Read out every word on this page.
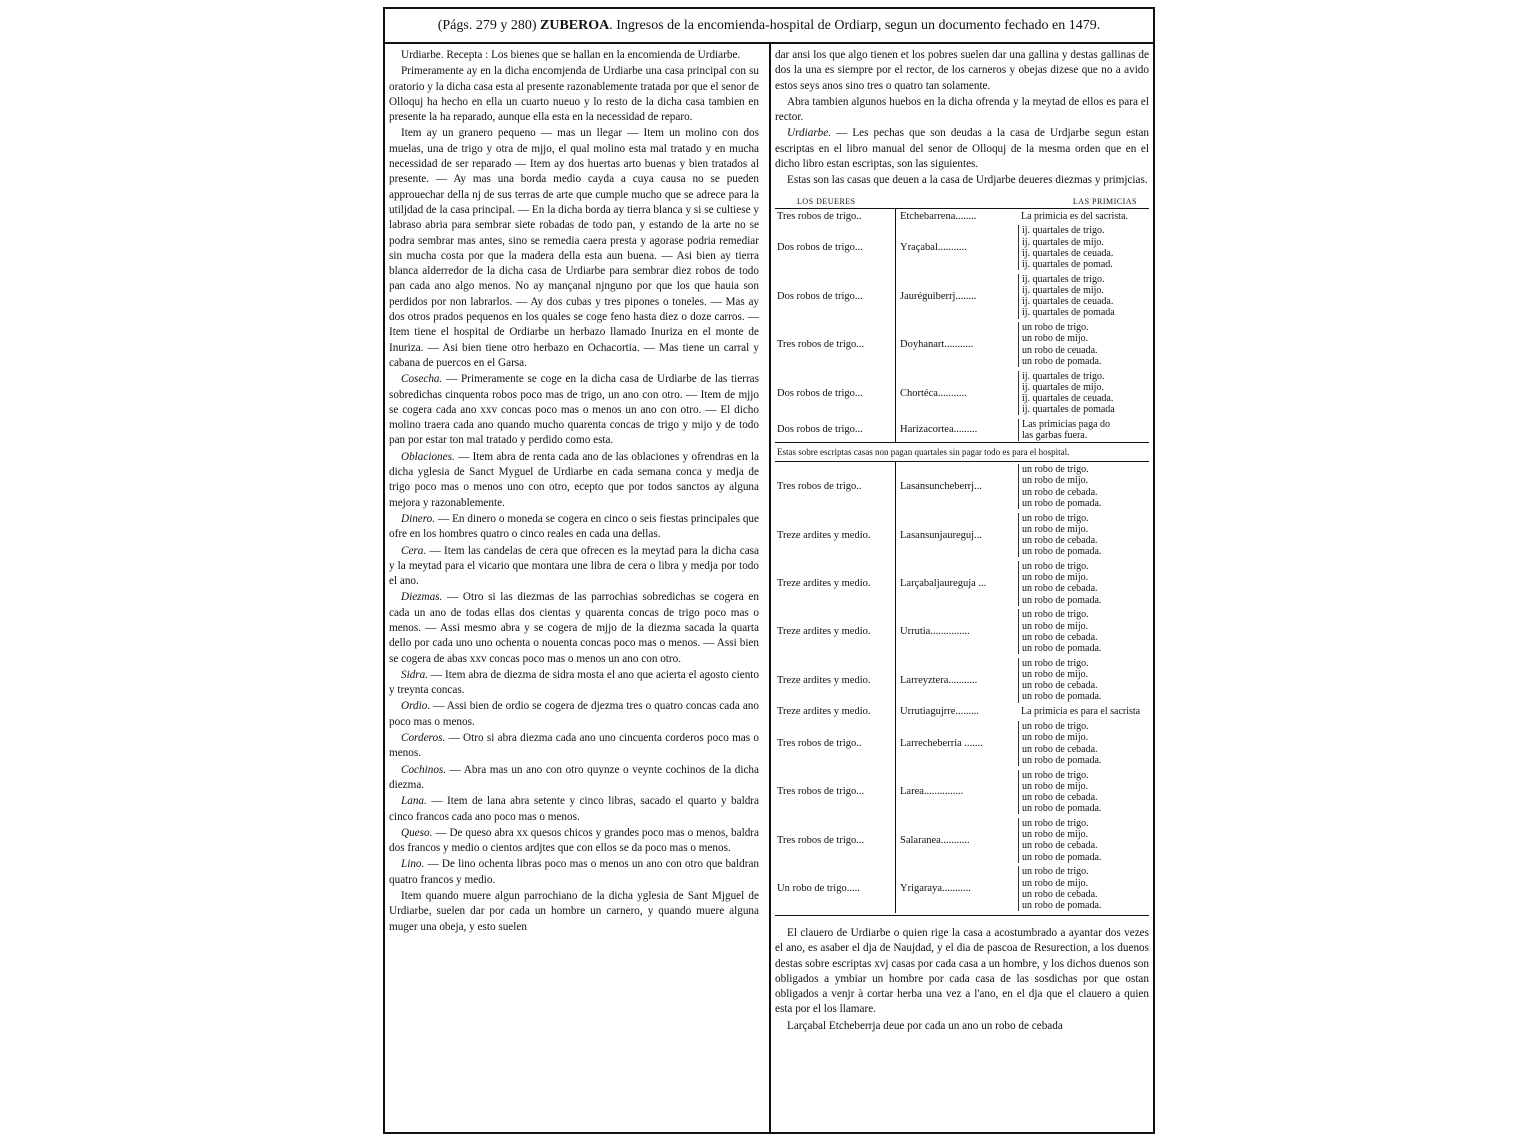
(Págs. 279 y 280) ZUBEROA. Ingresos de la encomienda-hospital de Ordiarp, segun un documento fechado en 1479.

Urdiarbe. Recepta : Los bienes que se hallan en la encomienda de Urdiarbe.

Primeramente ay en la dicha encomjenda de Urdiarbe una casa principal con su oratorio y la dicha casa esta al presente razonablemente tratada por que el senor de Olloquj ha hecho en ella un cuarto nueuo y lo resto de la dicha casa tambien en presente la ha reparado, aunque ella esta en la necessidad de reparo.

Item ay un granero pequeno — mas un llegar — Item un molino con dos muelas, una de trigo y otra de mjjo, el qual molino esta mal tratado y en mucha necessidad de ser reparado — Item ay dos huertas arto buenas y bien tratados al presente. — Ay mas una borda medio cayda a cuya causa no se pueden approuechar della nj de sus terras de arte que cumple mucho que se adrece para la utiljdad de la casa principal. — En la dicha borda ay tierra blanca y si se cultiese y labraso abria para sembrar siete robadas de todo pan, y estando de la arte no se podra sembrar mas antes, sino se remedia caera presta y agorase podria remediar sin mucha costa por que la madera della esta aun buena. — Asi bien ay tierra blanca alderredor de la dicha casa de Urdiarbe para sembrar diez robos de todo pan cada ano algo menos. No ay mançanal njnguno por que los que hauia son perdidos por non labrarlos. — Ay dos cubas y tres pipones o toneles. — Mas ay dos otros prados pequenos en los quales se coge feno hasta diez o doze carros. — Item tiene el hospital de Ordiarbe un herbazo llamado Inuriza en el monte de Inuriza. — Asi bien tiene otro herbazo en Ochacortia. — Mas tiene un carral y cabana de puercos en el Garsa.

Cosecha. — Primeramente se coge en la dicha casa de Urdiarbe de las tierras sobredichas cinquenta robos poco mas de trigo, un ano con otro. — Item de mjjo se cogera cada ano xxv concas poco mas o menos un ano con otro. — El dicho molino traera cada ano quando mucho quarenta concas de trigo y mijo y de todo pan por estar ton mal tratado y perdido como esta.

Oblaciones. — Item abra de renta cada ano de las oblaciones y ofrendras en la dicha yglesia de Sanct Myguel de Urdiarbe en cada semana conca y medja de trigo poco mas o menos uno con otro, ecepto que por todos sanctos ay alguna mejora y razonablemente.

Dinero. — En dinero o moneda se cogera en cinco o seis fiestas principales que ofre en los hombres quatro o cinco reales en cada una dellas.

Cera. — Item las candelas de cera que ofrecen es la meytad para la dicha casa y la meytad para el vicario que montara une libra de cera o libra y medja por todo el ano.

Diezmas. — Otro si las diezmas de las parrochias sobredichas se cogera en cada un ano de todas ellas dos cientas y quarenta concas de trigo poco mas o menos. — Assi mesmo abra y se cogera de mjjo de la diezma sacada la quarta dello por cada uno uno ochenta o nouenta concas poco mas o menos. — Assi bien se cogera de abas xxv concas poco mas o menos un ano con otro.

Sidra. — Item abra de diezma de sidra mosta el ano que acierta el agosto ciento y treynta concas.

Ordio. — Assi bien de ordio se cogera de djezma tres o quatro concas cada ano poco mas o menos.

Corderos. — Otro si abra diezma cada ano uno cincuenta corderos poco mas o menos.

Cochinos. — Abra mas un ano con otro quynze o veynte cochinos de la dicha diezma.

Lana. — Item de lana abra setente y cinco libras, sacado el quarto y baldra cinco francos cada ano poco mas o menos.

Queso. — De queso abra xx quesos chicos y grandes poco mas o menos, baldra dos francos y medio o cientos ardjtes que con ellos se da poco mas o menos.

Lino. — De lino ochenta libras poco mas o menos un ano con otro que baldran quatro francos y medio.

Item quando muere algun parrochiano de la dicha yglesia de Sant Mjguel de Urdiarbe, suelen dar por cada un hombre un carnero, y quando muere alguna muger una obeja, y esto suelen

dar ansi los que algo tienen et los pobres suelen dar una gallina y destas gallinas de dos la una es siempre por el rector, de los carneros y obejas dizese que no a avido estos seys anos sino tres o quatro tan solamente.

Abra tambien algunos huebos en la dicha ofrenda y la meytad de ellos es para el rector.

Urdiarbe. — Les pechas que son deudas a la casa de Urdjarbe segun estan escriptas en el libro manual del senor de Olloquj de la mesma orden que en el dicho libro estan escriptas, son las siguientes.

Estas son las casas que deuen a la casa de Urdjarbe deueres diezmas y primjcias.

LOS DEUERES	LAS PRIMICIAS
Tres robos de trigo..	Etchebarrena........	La primicia es del sacrista.
Dos robos de trigo...	Yraçabal...........
ij. quartales de trigo.
ij. quartales de mijo.
ij. quartales de ceuada.
ij. quartales de pomad.
Dos robos de trigo...	Jauréguiberrj........
ij. quartales de trigo.
ij. quartales de mijo.
ij. quartales de ceuada.
ij. quartales de pomada
Tres robos de trigo...	Doyhanart...........
un robo de trigo.
un robo de mijo.
un robo de ceuada.
un robo de pomada.
Dos robos de trigo...	Chortéca...........
ij. quartales de trigo.
ij. quartales de mijo.
ij. quartales de ceuada.
ij. quartales de pomada
Dos robos de trigo...	Harizacortea.........
Las primicias paga do
las garbas fuera.
Estas sobre escriptas casas non pagan quartales sin pagar todo es para el hospital.
Tres robos de trigo..	Lasansuncheberrj...
un robo de trigo.
un robo de mijo.
un robo de cebada.
un robo de pomada.
Treze ardites y medio.	Lasansunjaureguj...
un robo de trigo.
un robo de mijo.
un robo de cebada.
un robo de pomada.
Treze ardites y medio.	Larçabaljaureguja ...
un robo de trigo.
un robo de mijo.
un robo de cebada.
un robo de pomada.
Treze ardites y medio.	Urrutia...............
un robo de trigo.
un robo de mijo.
un robo de cebada.
un robo de pomada.
Treze ardites y medio.	Larreyztera...........
un robo de trigo.
un robo de mijo.
un robo de cebada.
un robo de pomada.
Treze ardites y medio.	Urrutiagujrre.........	La primicia es para el sacrista
Tres robos de trigo..	Larrecheberria .......
un robo de trigo.
un robo de mijo.
un robo de cebada.
un robo de pomada.
Tres robos de trigo...	Larea...............
un robo de trigo.
un robo de mijo.
un robo de cebada.
un robo de pomada.
Tres robos de trigo...	Salaranea...........
un robo de trigo.
un robo de mijo.
un robo de cebada.
un robo de pomada.
Un robo de trigo.....	Yrigaraya...........
un robo de trigo.
un robo de mijo.
un robo de cebada.
un robo de pomada.

El clauero de Urdiarbe o quien rige la casa a acostumbrado a ayantar dos vezes el ano, es asaber el dja de Naujdad, y el dia de pascoa de Resurection, a los duenos destas sobre escriptas xvj casas por cada casa a un hombre, y los dichos duenos son obligados a ymbiar un hombre por cada casa de las sosdichas por que ostan obligados a venjr à cortar herba una vez a l'ano, en el dja que el clauero a quien esta por el los llamare.

Larçabal Etcheberrja deue por cada un ano un robo de cebada
